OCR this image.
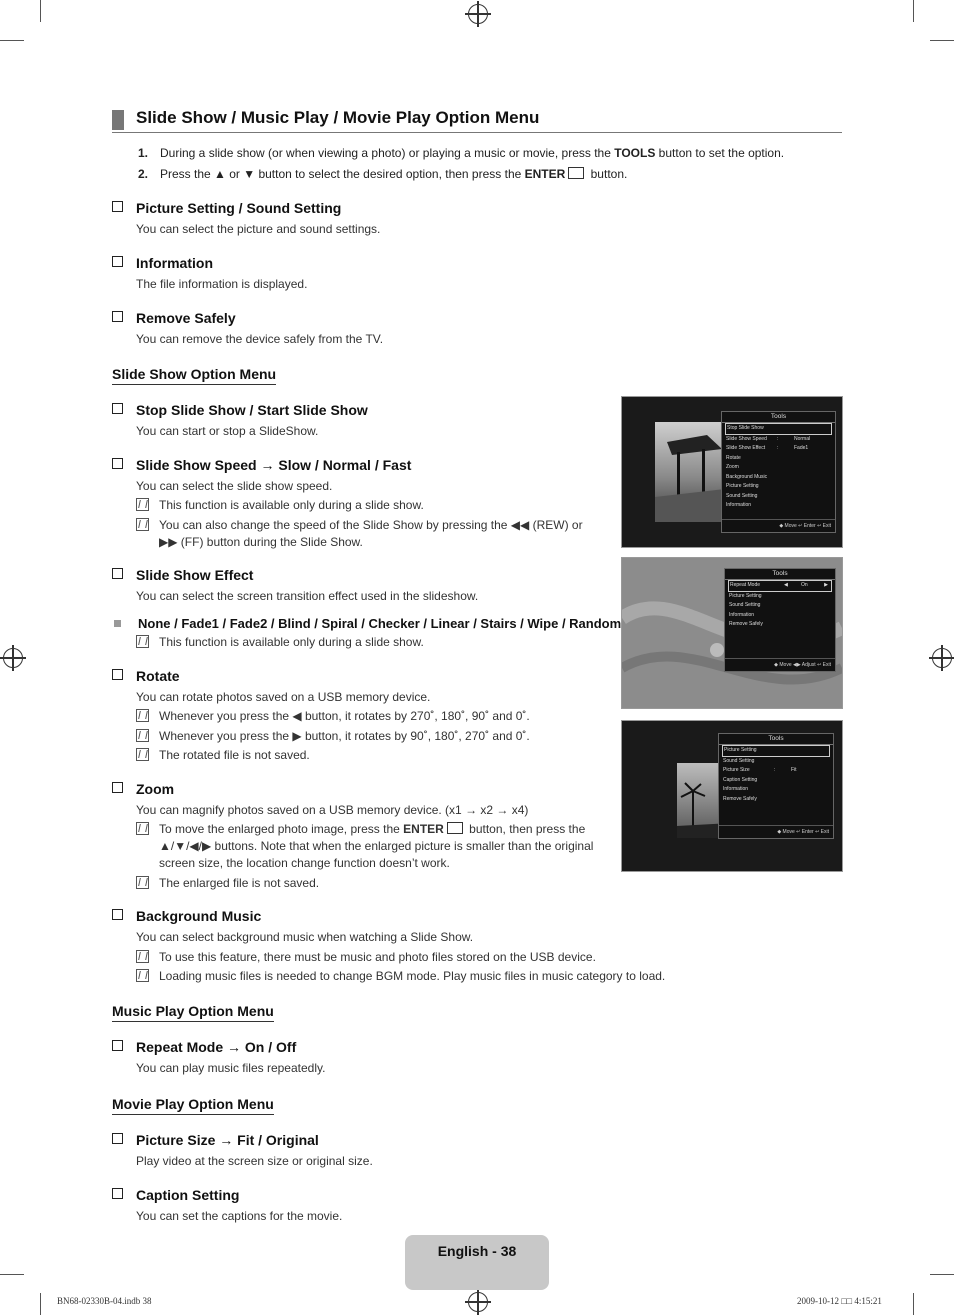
Slide Show / Music Play / Movie Play Option Menu
1. During a slide show (or when viewing a photo) or playing a music or movie, press the TOOLS button to set the option.
2. Press the ▲ or ▼ button to select the desired option, then press the ENTER button.
Picture Setting / Sound Setting
You can select the picture and sound settings.
Information
The file information is displayed.
Remove Safely
You can remove the device safely from the TV.
Slide Show Option Menu
Stop Slide Show / Start Slide Show
You can start or stop a SlideShow.
Slide Show Speed → Slow / Normal / Fast
You can select the slide show speed.
This function is available only during a slide show.
You can also change the speed of the Slide Show by pressing the ◀◀ (REW) or
▶▶ (FF) button during the Slide Show.
Slide Show Effect
You can select the screen transition effect used in the slideshow.
None / Fade1 / Fade2 / Blind / Spiral / Checker / Linear / Stairs / Wipe / Random
This function is available only during a slide show.
Rotate
You can rotate photos saved on a USB memory device.
Whenever you press the ◀ button, it rotates by 270˚, 180˚, 90˚ and 0˚.
Whenever you press the ▶ button, it rotates by 90˚, 180˚, 270˚ and 0˚.
The rotated file is not saved.
Zoom
You can magnify photos saved on a USB memory device. (x1 → x2 → x4)
To move the enlarged photo image, press the ENTER button, then press the
▲/▼/◀/▶ buttons. Note that when the enlarged picture is smaller than the original
screen size, the location change function doesn’t work.
The enlarged file is not saved.
Background Music
You can select background music when watching a Slide Show.
To use this feature, there must be music and photo files stored on the USB device.
Loading music files is needed to change BGM mode. Play music files in music category to load.
Music Play Option Menu
Repeat Mode → On / Off
You can play music files repeatedly.
Movie Play Option Menu
Picture Size → Fit / Original
Play video at the screen size or original size.
Caption Setting
You can set the captions for the movie.
Tools
Stop Slide Show
Slide Show Speed :	Normal
Slide Show Effect :	Fade1
Rotate
Zoom
Background Music
Picture Setting
Sound Setting
Information
◆ Move ↵ Enter ↩ Exit
Tools
Repeat Mode	◀	On	▶
Picture Setting
Sound Setting
Information
Remove Safely
◆ Move ◀▶ Adjust ↩ Exit
Tools
Picture Setting
Sound Setting
Picture Size	:	Fit
Caption Setting
Information
Remove Safely
◆ Move ↵ Enter ↩ Exit
English - 38
BN68-02330B-04.indb 38	2009-10-12 □□ 4:15:21
